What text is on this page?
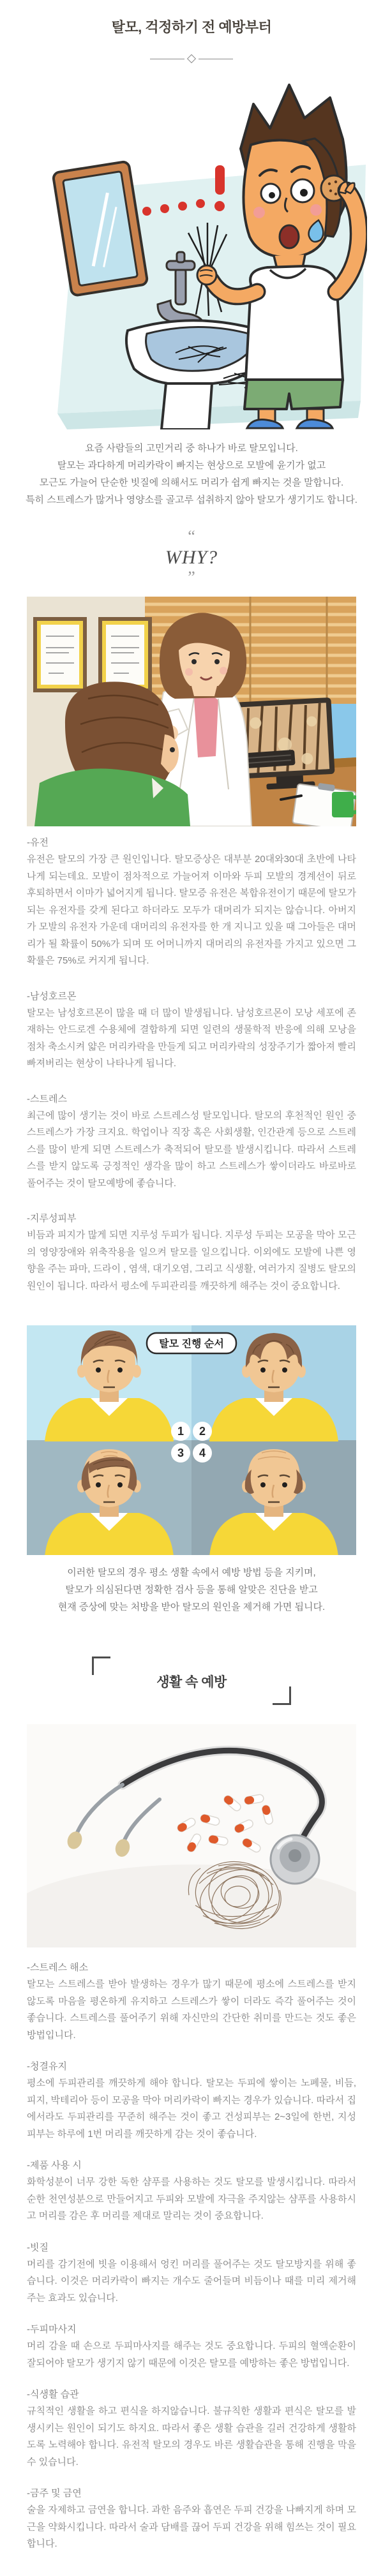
탈모, 걱정하기 전 예방부터
요즘 사람들의 고민거리 중 하나가 바로 탈모입니다.
탈모는 과다하게 머리카락이 빠지는 현상으로 모발에 윤기가 없고
모근도 가늘어 단순한 빗질에 의해서도 머리가 쉽게 빠지는 것을 말합니다.
특히 스트레스가 많거나 영양소를 골고루 섭취하지 않아 탈모가 생기기도 합니다.
“
WHY?
”
-유전
유전은 탈모의 가장 큰 원인입니다. 탈모증상은 대부분 20대와30대 초반에 나타나게 되는데요. 모발이 점차적으로 가늘어져 이마와 두피 모발의 경계선이 뒤로 후퇴하면서 이마가 넓어지게 됩니다. 탈모증 유전은 복합유전이기 때문에 탈모가 되는 유전자를 갖게 된다고 하더라도 모두가 대머리가 되지는 않습니다. 아버지가 모발의 유전자 가운데 대머리의 유전자를 한 개 지니고 있을 때 그아들은 대머리가 될 확률이 50%가 되며 또 어머니까지 대머리의 유전자를 가지고 있으면 그 확률은 75%로 커지게 됩니다.
-남성호르몬
탈모는 남성호르몬이 많을 때 더 많이 발생됩니다. 남성호르몬이 모낭 세포에 존재하는 안드로겐 수용체에 결합하게 되면 일련의 생물학적 반응에 의해 모낭을 점차 축소시켜 얇은 머리카락을 만들게 되고 머리카락의 성장주기가 짧아져 빨리 빠져버리는 현상이 나타나게 됩니다.
-스트레스
최근에 많이 생기는 것이 바로 스트레스성 탈모입니다. 탈모의 후천적인 원인 중 스트레스가 가장 크지요. 학업이나 직장 혹은 사회생활, 인간관계 등으로 스트레스를 많이 받게 되면 스트레스가 축적되어 탈모를 발생시킵니다. 따라서 스트레스를 받지 않도록 긍정적인 생각을 많이 하고 스트레스가 쌓이더라도 바로바로 풀어주는 것이 탈모예방에 좋습니다.
-지루성피부
비듬과 피지가 많게 되면 지루성 두피가 됩니다. 지루성 두피는 모공을 막아 모근의 영양장애와 위축작용을 일으켜 탈모를 일으킵니다. 이외에도 모발에 나쁜 영향을 주는 파마, 드라이 , 염색, 대기오염, 그리고 식생활, 여러가지 질병도 탈모의 원인이 됩니다. 따라서 평소에 두피관리를 깨끗하게 해주는 것이 중요합니다.
탈모 진행 순서
1 2
3 4
이러한 탈모의 경우 평소 생활 속에서 예방 방법 등을 지키며,
탈모가 의심된다면 정확한 검사 등을 통해 알맞은 진단을 받고
현재 증상에 맞는 처방을 받아 탈모의 원인을 제거해 가면 됩니다.
생활 속 예방
-스트레스 해소
탈모는 스트레스를 받아 발생하는 경우가 많기 때문에 평소에 스트레스를 받지 않도록 마음을 평온하게 유지하고 스트레스가 쌓이 더라도 즉각 풀어주는 것이 좋습니다. 스트레스를 풀어주기 위해 자신만의 간단한 취미를 만드는 것도 좋은 방법입니다.
-청결유지
평소에 두피관리를 깨끗하게 해야 합니다. 탈모는 두피에 쌓이는 노폐물, 비듬, 피지, 박테리아 등이 모공을 막아 머리카락이 빠지는 경우가 있습니다. 따라서 집에서라도 두피관리를 꾸준히 해주는 것이 좋고 건성피부는 2~3일에 한번, 지성피부는 하루에 1번 머리를 깨끗하게 감는 것이 좋습니다.
-제품 사용 시
화학성분이 너무 강한 독한 샴푸를 사용하는 것도 탈모를 발생시킵니다. 따라서 순한 천연성분으로 만들어지고 두피와 모발에 자극을 주지않는 샴푸를 사용하시고 머리를 감은 후 머리를 제대로 말리는 것이 중요합니다.
-빗질
머리를 감기전에 빗을 이용해서 엉킨 머리를 풀어주는 것도 탈모방지를 위해 좋습니다. 이것은 머리카락이 빠지는 개수도 줄어들며 비듬이나 때를 미리 제거해주는 효과도 있습니다.
-두피마사지
머리 감을 때 손으로 두피마사지를 해주는 것도 중요합니다. 두피의 혈액순환이 잘되어야 탈모가 생기지 않기 때문에 이것은 탈모를 예방하는 좋은 방법입니다.
-식생활 습관
규칙적인 생활을 하고 편식을 하지않습니다. 불규칙한 생활과 편식은 탈모를 발생시키는 원인이 되기도 하지요. 따라서 좋은 생활 습관을 길러 건강하게 생활하도록 노력해야 합니다. 유전적 탈모의 경우도 바른 생활습관을 통해 진행을 막을 수 있습니다.
-금주 및 금연
술을 자제하고 금연을 합니다. 과한 음주와 흡연은 두피 건강을 나빠지게 하며 모근을 약화시킵니다. 따라서 술과 담배를 끊어 두피 건강을 위해 힘쓰는 것이 필요합니다.
